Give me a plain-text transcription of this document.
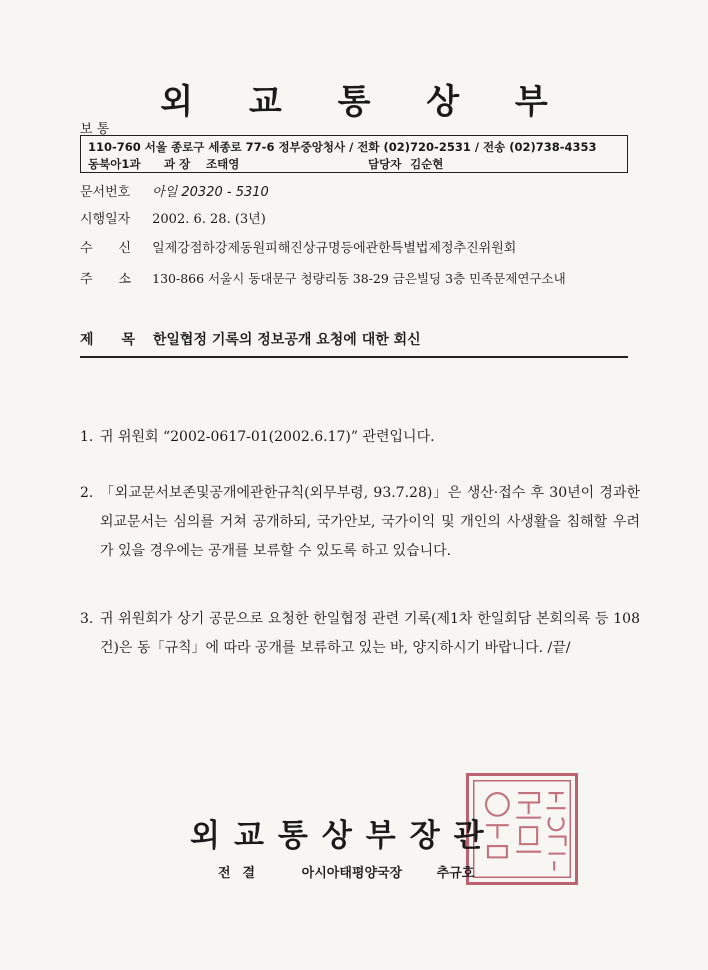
외 교 통 상 부
보 통
110-760 서울 종로구 세종로 77-6 정부중앙청사 / 전화 (02)720-2531 / 전송 (02)738-4353
동북아1과 과 장 조태영	담당자 김순현
문서번호 아일 20320 - 5310
시행일자 2002. 6. 28. (3년)
수신 일제강점하강제동원피해진상규명등에관한특별법제정추진위원회
주소 130-866 서울시 동대문구 청량리동 38-29 금은빌딩 3층 민족문제연구소내
제목 한일협정 기록의 정보공개 요청에 대한 회신
1. 귀 위원회 “2002-0617-01(2002.6.17)” 관련입니다.
2. 「외교문서보존및공개에관한규칙(외무부령, 93.7.28)」은 생산·접수 후 30년이 경과한 외교문서는 심의를 거쳐 공개하되, 국가안보, 국가이익 및 개인의 사생활을 침해할 우려가 있을 경우에는 공개를 보류할 수 있도록 하고 있습니다.
3. 귀 위원회가 상기 공문으로 요청한 한일협정 관련 기록(제1차 한일회담 본회의록 등 108건)은 동「규칙」에 따라 공개를 보류하고 있는 바, 양지하시기 바랍니다. /끝/
외교통상부장관
전결	아시아태평양국장	추규호
